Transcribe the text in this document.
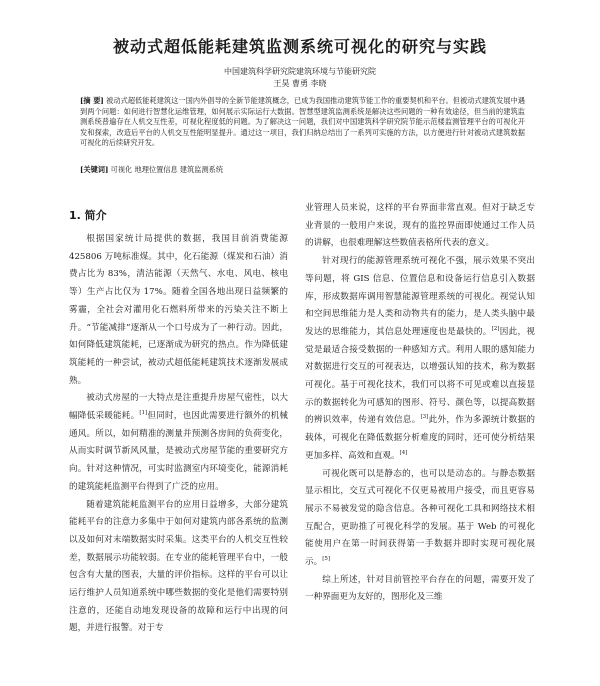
被动式超低能耗建筑监测系统可视化的研究与实践
中国建筑科学研究院建筑环境与节能研究院
王昊 曹勇 李晓
[摘 要] 被动式超低能耗建筑这一国内外倡导的全新节能建筑概念，已成为我国推动建筑节能工作的重要契机和平台。但被动式建筑发展中遇到两个问题：如何进行智慧化运维管理，如何展示实际运行大数据。智慧型建筑监测系统是解决这些问题的一种有效途径，但当前的建筑监测系统普遍存在人机交互性差，可视化程度低的问题。为了解决这一问题，我们对中国建筑科学研究院节能示范楼监测管理平台的可视化开发和探索，改造后平台的人机交互性能明显提升。通过这一项目，我们归纳总结出了一系列可实施的方法，以方便进行针对被动式建筑数据可视化的后续研究开发。
[关键词] 可视化 地理位置信息 建筑监测系统
1. 简介

根据国家统计局提供的数据，我国目前消费能源 425806 万吨标准煤。其中，化石能源（煤炭和石油）消费占比为 83%，清洁能源（天然气、水电、风电、核电等）生产占比仅为 17%。随着全国各地出现日益频繁的雾霾，全社会对灌用化石燃料所带来的污染关注不断上升。“节能减排”逐渐从一个口号成为了一种行动。因此，如何降低建筑能耗，已逐渐成为研究的热点。作为降低建筑能耗的一种尝试，被动式超低能耗建筑技术逐渐发展成熟。

被动式房屋的一大特点是注重提升房屋气密性，以大幅降低采暖能耗。[1]但同时，也因此需要进行额外的机械通风。所以，如何精准的测量并预测各房间的负荷变化，从而实时调节新风风量，是被动式房屋节能的重要研究方向。针对这种情况，可实时监测室内环境变化，能源消耗的建筑能耗监测平台得到了广泛的应用。

随着建筑能耗监测平台的应用日益增多，大部分建筑能耗平台的注意力多集中于如何对建筑内部各系统的监测以及如何对末端数据实时采集。这类平台的人机交互性较差，数据展示功能较弱。在专业的能耗管理平台中，一般包含有大量的图表，大量的评价指标。这样的平台可以让运行维护人员知道系统中哪些数据的变化是他们需要特别注意的，还能自动地发现设备的故障和运行中出现的问题，并进行报警。对于专

业管理人员来说，这样的平台界面非常直观。但对于缺乏专业背景的一般用户来说，现有的监控界面即使通过工作人员的讲解，也很难理解这些数值表格所代表的意义。

针对现行的能源管理系统可视化不强，展示效果不突出等问题，将 GIS 信息、位置信息和设备运行信息引入数据库，形成数据库调用智慧能源管理系统的可视化。视觉认知和空间思维能力是人类和动物共有的能力，是人类头脑中最发达的思维能力，其信息处理速度也是最快的。[2]因此，视觉是最适合接受数据的一种感知方式。利用人眼的感知能力对数据进行交互的可视表达，以增强认知的技术，称为数据可视化。基于可视化技术，我们可以将不可见或难以直接显示的数据转化为可感知的图形、符号、颜色等，以提高数据的辨识效率，传递有效信息。[3]此外，作为多源统计数据的载体，可视化在降低数据分析难度的同时，还可使分析结果更加多样、高效和直观。[4]

可视化既可以是静态的，也可以是动态的。与静态数据显示相比，交互式可视化不仅更易被用户接受，而且更容易展示不易被发觉的隐含信息。各种可视化工具和网络技术相互配合，更助推了可视化科学的发展。基于 Web 的可视化能使用户在第一时间获得第一手数据并即时实现可视化展示。[5]

综上所述，针对目前管控平台存在的问题，需要开发了一种界面更为友好的，图形化及三维
